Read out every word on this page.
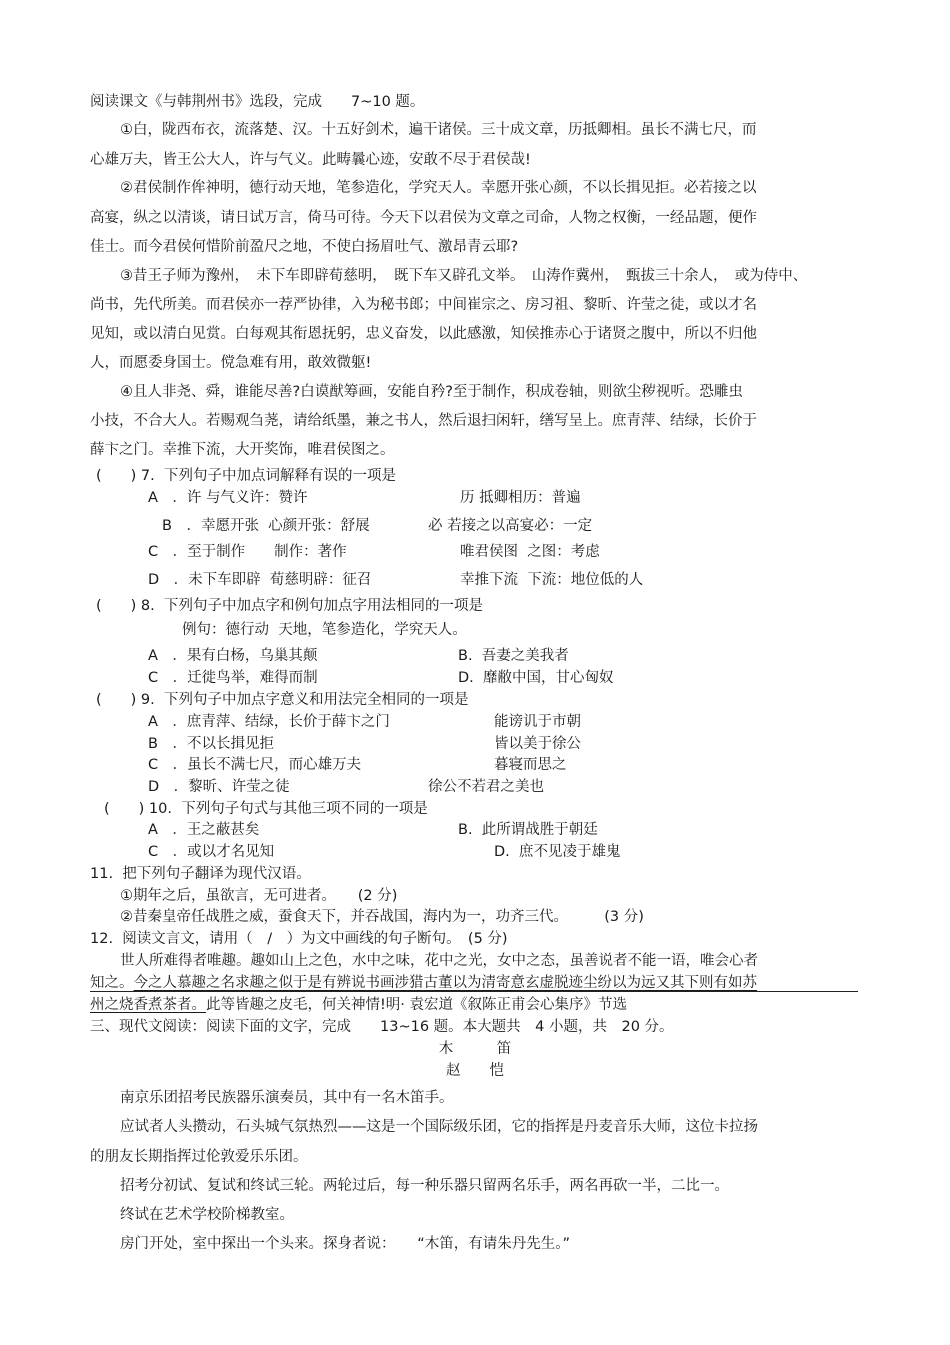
阅读课文《与韩荆州书》选段，完成　　7~10 题。
①白，陇西布衣，流落楚、汉。十五好剑术，遍干诸侯。三十成文章，历抵卿相。虽长不满七尺，而
心雄万夫，皆王公大人，许与气义。此畴曩心迹，安敢不尽于君侯哉!
②君侯制作侔神明，德行动天地，笔参造化，学究天人。幸愿开张心颜，不以长揖见拒。必若接之以
高宴，纵之以清谈，请日试万言，倚马可待。今天下以君侯为文章之司命，人物之权衡，一经品题，便作
佳士。而今君侯何惜阶前盈尺之地，不使白扬眉吐气、激昂青云耶?
③昔王子师为豫州，　未下车即辟荀慈明，　既下车又辟孔文举。　山涛作冀州，　甄拔三十余人，　或为侍中、
尚书，先代所美。而君侯亦一荐严协律，入为秘书郎；中间崔宗之、房习祖、黎昕、许莹之徒，或以才名
见知，或以清白见赏。白每观其衔恩抚躬，忠义奋发，以此感激，知侯推赤心于诸贤之腹中，所以不归他
人，而愿委身国士。傥急难有用，敢效微躯!
④且人非尧、舜，谁能尽善?白谟猷筹画，安能自矜?至于制作，积成卷轴，则欲尘秽视听。恐雕虫
小技，不合大人。若赐观刍荛，请给纸墨，兼之书人，然后退扫闲轩，缮写呈上。庶青萍、结绿，长价于
薛卞之门。幸推下流，大开奖饰，唯君侯图之。
(　　) 7.  下列句子中加点词解释有误的一项是
A　．许 与气义许：赞许	历 抵卿相历：普遍
B　．幸愿开张  心颜开张：舒展	必 若接之以高宴必：一定
C　．至于制作　　制作：著作	唯君侯图  之图：考虑
D　．未下车即辟  荀慈明辟：征召	幸推下流  下流：地位低的人
(　　) 8.  下列句子中加点字和例句加点字用法相同的一项是
例句：德行动  天地，笔参造化，学究天人。
A　．果有白杨，乌巢其颠	B.  吾妻之美我者
C　．迁徙鸟举，难得而制	D.  靡敝中国，甘心匈奴
(　　) 9.  下列句子中加点字意义和用法完全相同的一项是
A　．庶青萍、结绿，长价于薛卞之门	能谤讥于市朝
B　．不以长揖见拒	皆以美于徐公
C　．虽长不满七尺，而心雄万夫	暮寝而思之
D　．黎昕、许莹之徒	徐公不若君之美也
(　　) 10.  下列句子句式与其他三项不同的一项是
A　．王之蔽甚矣	B.  此所谓战胜于朝廷
C　．或以才名见知	D.  庶不见凌于雄鬼
11.  把下列句子翻译为现代汉语。
①期年之后，虽欲言，无可进者。　　(2 分)
②昔秦皇帝任战胜之威，蚕食天下，并吞战国，海内为一，功齐三代。　　　(3 分)
12.  阅读文言文，请用（　/　）为文中画线的句子断句。　(5 分)
世人所难得者唯趣。趣如山上之色，水中之味，花中之光，女中之态，虽善说者不能一语，唯会心者
知之。今之人慕趣之名求趣之似于是有辨说书画涉猎古董以为清寄意玄虚脱迹尘纷以为远又其下则有如苏
州之烧香煮茶者。此等皆趣之皮毛，何关神情!明· 袁宏道《叙陈正甫会心集序》节选
三、现代文阅读：阅读下面的文字，完成　　13~16 题。本大题共　4 小题，共　20 分。
木　　　笛
赵　　恺
南京乐团招考民族器乐演奏员，其中有一名木笛手。
应试者人头攒动，石头城气氛热烈——这是一个国际级乐团，它的指挥是丹麦音乐大师，这位卡拉扬
的朋友长期指挥过伦敦爱乐乐团。
招考分初试、复试和终试三轮。两轮过后，每一种乐器只留两名乐手，两名再砍一半，二比一。
终试在艺术学校阶梯教室。
房门开处，室中探出一个头来。探身者说：　　“木笛，有请朱丹先生。”
